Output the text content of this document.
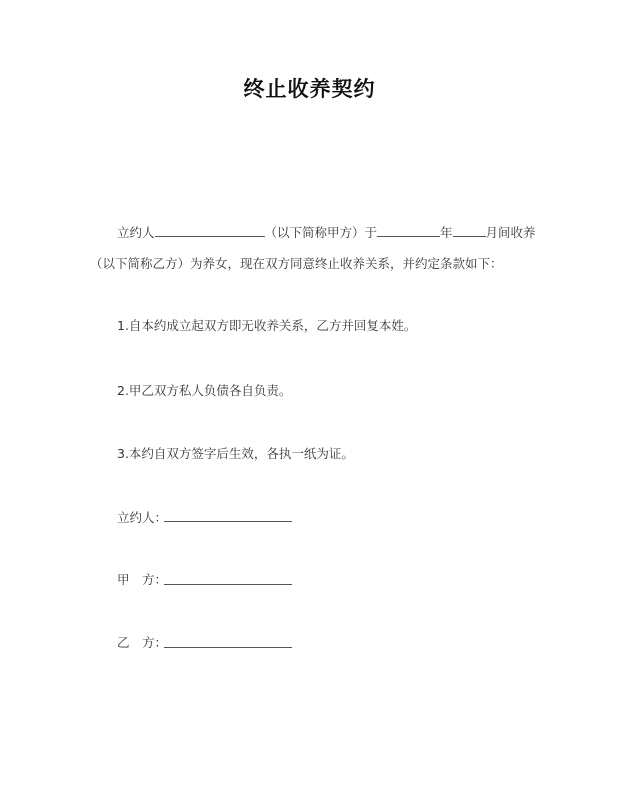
终止收养契约
立约人	（以下简称甲方）于	年	月间收养
（以下简称乙方）为养女，现在双方同意终止收养关系，并约定条款如下：
1.自本约成立起双方即无收养关系，乙方并回复本姓。
2.甲乙双方私人负债各自负责。
3.本约自双方签字后生效，各执一纸为证。
立约人：
甲　方：
乙　方：
